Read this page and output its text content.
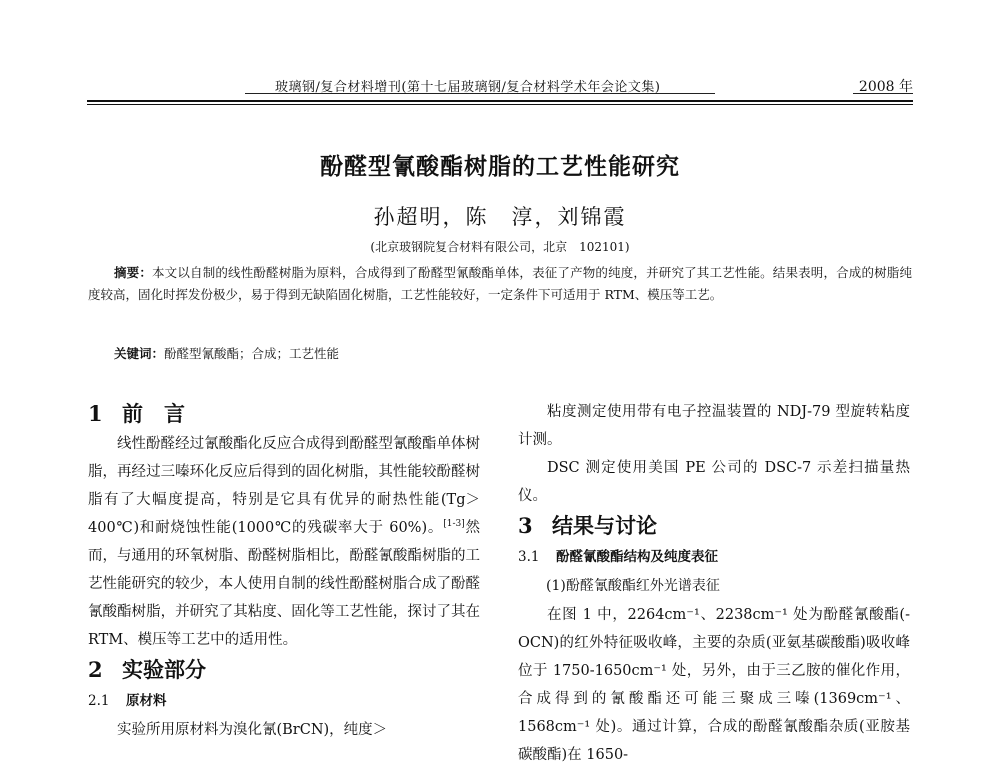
玻璃钢/复合材料增刊(第十七届玻璃钢/复合材料学术年会论文集)	2008 年
酚醛型氰酸酯树脂的工艺性能研究
孙超明，陈　淳，刘锦霞
(北京玻钢院复合材料有限公司，北京　102101)
摘要：本文以自制的线性酚醛树脂为原料，合成得到了酚醛型氰酸酯单体，表征了产物的纯度，并研究了其工艺性能。结果表明，合成的树脂纯度较高，固化时挥发份极少，易于得到无缺陷固化树脂，工艺性能较好，一定条件下可适用于 RTM、模压等工艺。
关键词：酚醛型氰酸酯；合成；工艺性能
1 前　言

线性酚醛经过氰酸酯化反应合成得到酚醛型氰酸酯单体树脂，再经过三嗪环化反应后得到的固化树脂，其性能较酚醛树脂有了大幅度提高，特别是它具有优异的耐热性能(Tg＞400℃)和耐烧蚀性能(1000℃的残碳率大于 60%)。[1-3]然而，与通用的环氧树脂、酚醛树脂相比，酚醛氰酸酯树脂的工艺性能研究的较少，本人使用自制的线性酚醛树脂合成了酚醛氰酸酯树脂，并研究了其粘度、固化等工艺性能，探讨了其在 RTM、模压等工艺中的适用性。

2 实验部分
2.1 原材料

实验所用原材料为溴化氰(BrCN)，纯度＞

粘度测定使用带有电子控温装置的 NDJ-79 型旋转粘度计测。

DSC 测定使用美国 PE 公司的 DSC-7 示差扫描量热仪。

3 结果与讨论
3.1 酚醛氰酸酯结构及纯度表征
(1)酚醛氰酸酯红外光谱表征

在图 1 中，2264cm⁻¹、2238cm⁻¹ 处为酚醛氰酸酯(-OCN)的红外特征吸收峰，主要的杂质(亚氨基碳酸酯)吸收峰位于 1750-1650cm⁻¹ 处，另外，由于三乙胺的催化作用，合成得到的氰酸酯还可能三聚成三嗪(1369cm⁻¹、1568cm⁻¹ 处)。通过计算，合成的酚醛氰酸酯杂质(亚胺基碳酸酯)在 1650-
